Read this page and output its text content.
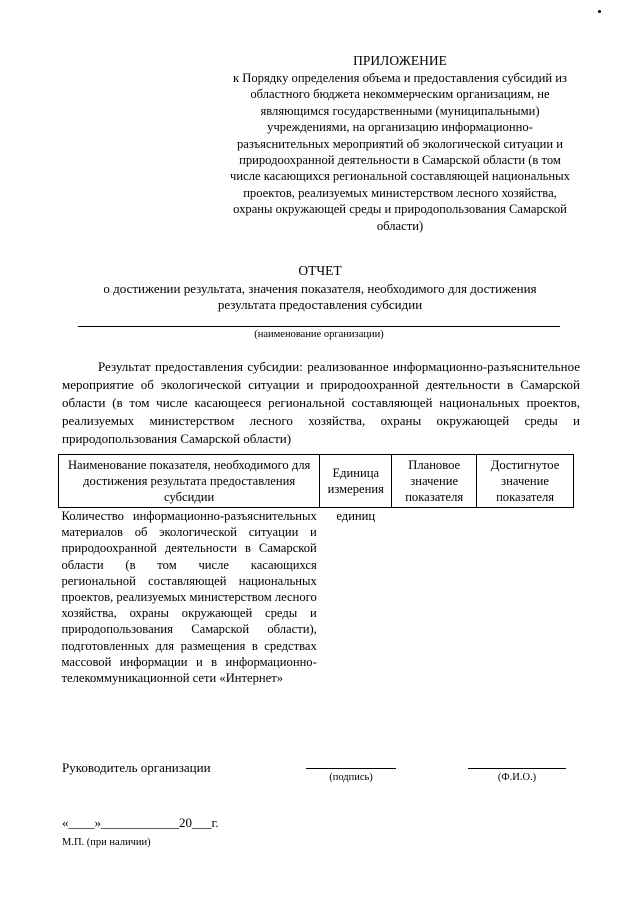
ПРИЛОЖЕНИЕ
к Порядку определения объема и предоставления субсидий из областного бюджета некоммерческим организациям, не являющимся государственными (муниципальными) учреждениями, на организацию информационно-разъяснительных мероприятий об экологической ситуации и природоохранной деятельности в Самарской области (в том числе касающихся региональной составляющей национальных проектов, реализуемых министерством лесного хозяйства, охраны окружающей среды и природопользования Самарской области)
ОТЧЕТ
о достижении результата, значения показателя, необходимого для достижения результата предоставления субсидии
(наименование организации)
Результат предоставления субсидии: реализованное информационно-разъяснительное мероприятие об экологической ситуации и природоохранной деятельности в Самарской области (в том числе касающееся региональной составляющей национальных проектов, реализуемых министерством лесного хозяйства, охраны окружающей среды и природопользования Самарской области)
Наименование показателя, необходимого для достижения результата предоставления субсидии	Единица измерения	Плановое значение показателя	Достигнутое значение показателя
Количество информационно-разъяснительных материалов об экологической ситуации и природоохранной деятельности в Самарской области (в том числе касающихся региональной составляющей национальных проектов, реализуемых министерством лесного хозяйства, охраны окружающей среды и природопользования Самарской области), подготовленных для размещения в средствах массовой информации и в информационно-телекоммуникационной сети «Интернет»	единиц		
Руководитель организации
(подпись)	(Ф.И.О.)
«____»____________20___г.
М.П. (при наличии)
